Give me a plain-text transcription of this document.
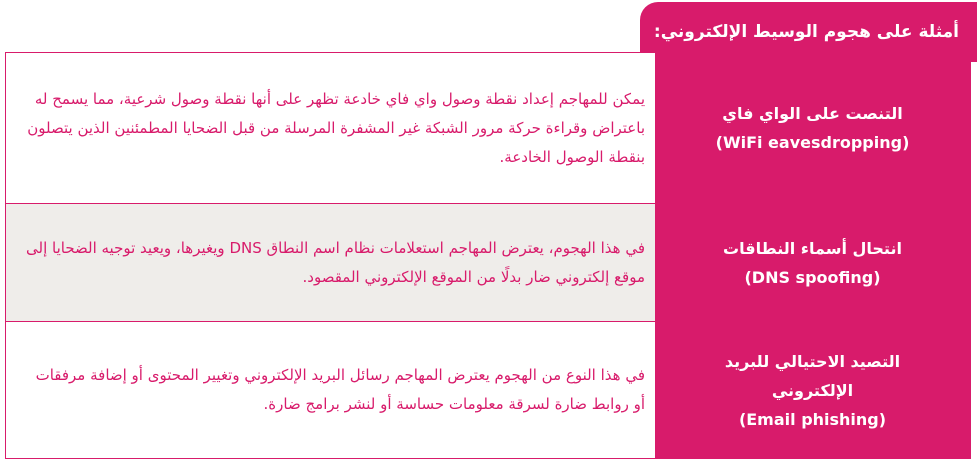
أمثلة على هجوم الوسيط الإلكتروني:
التنصت على الواي فاي
(WiFi eavesdropping)
يمكن للمهاجم إعداد نقطة وصول واي فاي خادعة تظهر على أنها نقطة وصول شرعية، مما يسمح له باعتراض وقراءة حركة مرور الشبكة غير المشفرة المرسلة من قبل الضحايا المطمئنين الذين يتصلون بنقطة الوصول الخادعة.
انتحال أسماء النطاقات
(DNS spoofing)
في هذا الهجوم، يعترض المهاجم استعلامات نظام اسم النطاق DNS ويغيرها، ويعيد توجيه الضحايا إلى موقع إلكتروني ضار بدلًا من الموقع الإلكتروني المقصود.
التصيد الاحتيالي للبريد
الإلكتروني
(Email phishing)
في هذا النوع من الهجوم يعترض المهاجم رسائل البريد الإلكتروني وتغيير المحتوى أو إضافة مرفقات أو روابط ضارة لسرقة معلومات حساسة أو لنشر برامج ضارة.
